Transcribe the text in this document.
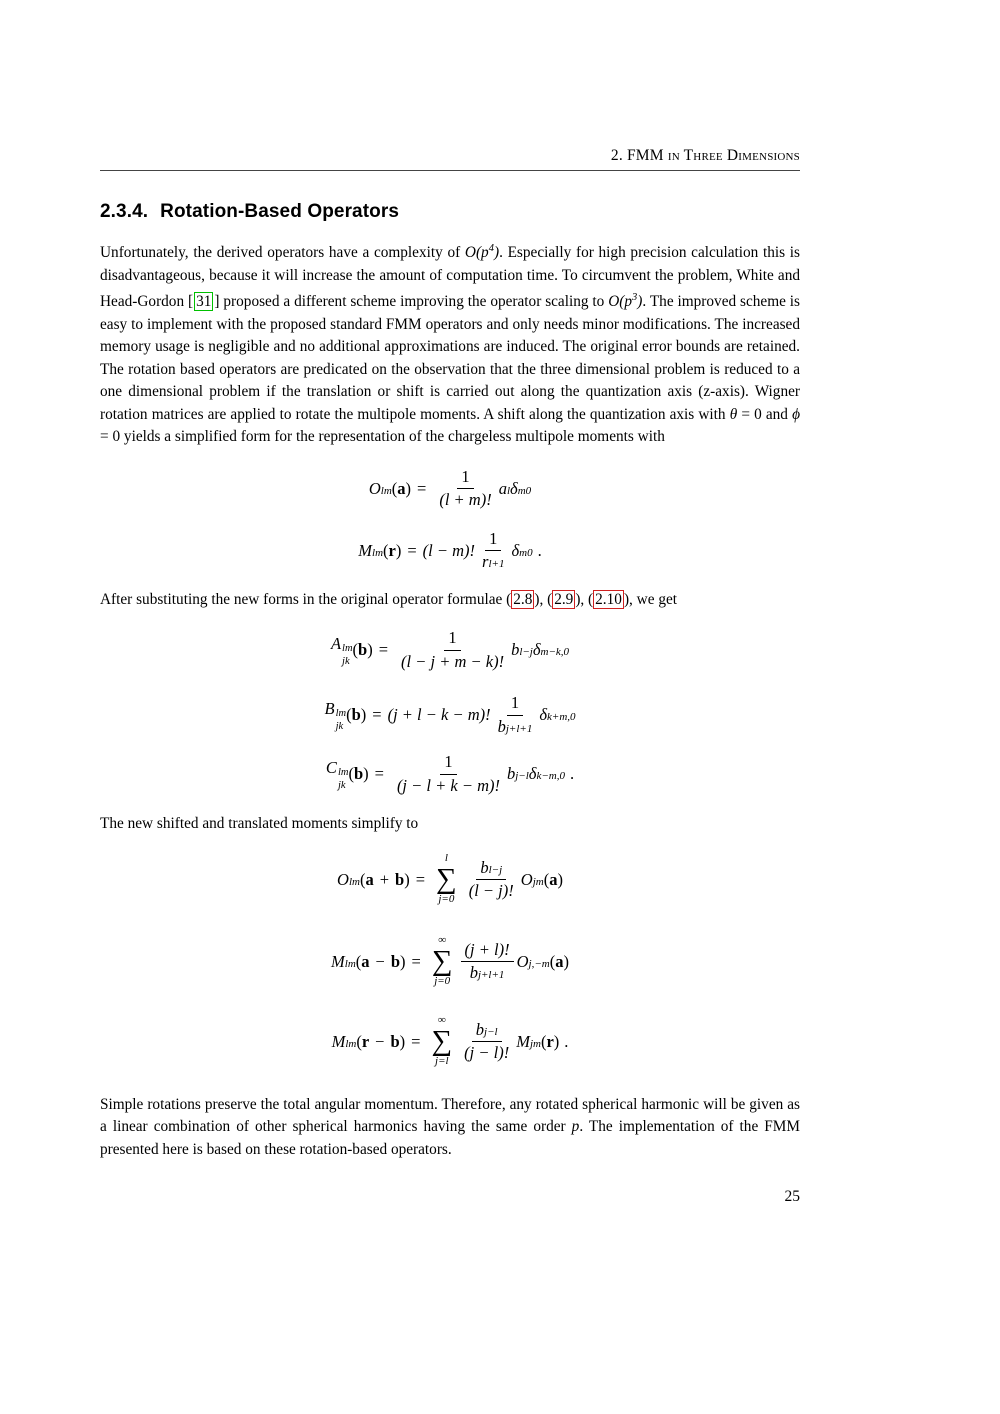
2. FMM in Three Dimensions
2.3.4. Rotation-Based Operators

Unfortunately, the derived operators have a complexity of $O(p^4)$. Especially for high precision calculation this is disadvantageous, because it will increase the amount of computation time. To circumvent the problem, White and Head-Gordon [ 31 ] proposed a different scheme improving the operator scaling to $O(p^3)$. The improved scheme is easy to implement with the proposed standard FMM operators and only needs minor modifications. The increased memory usage is negligible and no additional approximations are induced. The original error bounds are retained. The rotation based operators are predicated on the observation that the three dimensional problem is reduced to a one dimensional problem if the translation or shift is carried out along the quantization axis (z-axis). Wigner rotation matrices are applied to rotate the multipole moments. A shift along the quantization axis with θ = 0 and ϕ = 0 yields a simplified form for the representation of the chargeless multipole moments with

O lm ( a ) = $\frac{1}{(l + m)!}$ a l δ m0
M lm ( r ) = (l − m)! $\frac{1}{\text{r l+1}}$ δ m0 .

After substituting the new forms in the original operator formulae ( 2.8 ), ( 2.9 ), ( 2.10 ), we get

A lm
jk
( b ) = $\frac{1}{(l - j + m - k)!}$ b l−j δ m−k,0
B lm
jk
( b ) = (j + l − k − m)! $\frac{1}{\text{b j+l+1}}$ δ k+m,0
C lm
jk
( b ) = $\frac{1}{(j - l + k - m)!}$ b j−l δ k−m,0 .

The new shifted and translated moments simplify to

O lm ( a + b ) =
l
∑
$j=0 \frac{\text{b l−j}}{(l - j)!}$ O jm ( a )
M lm ( a − b ) =
∞
∑
$j=0 \frac{(j + l)!}{\text{b j+l+1}}$ O j,−m ( a )
M lm ( r − b ) =
∞
∑
$j=l \frac{\text{b j−l}}{(j - l)!}$ M jm ( r ) .

Simple rotations preserve the total angular momentum. Therefore, any rotated spherical harmonic will be given as a linear combination of other spherical harmonics having the same order p. The implementation of the FMM presented here is based on these rotation-based operators.

25
